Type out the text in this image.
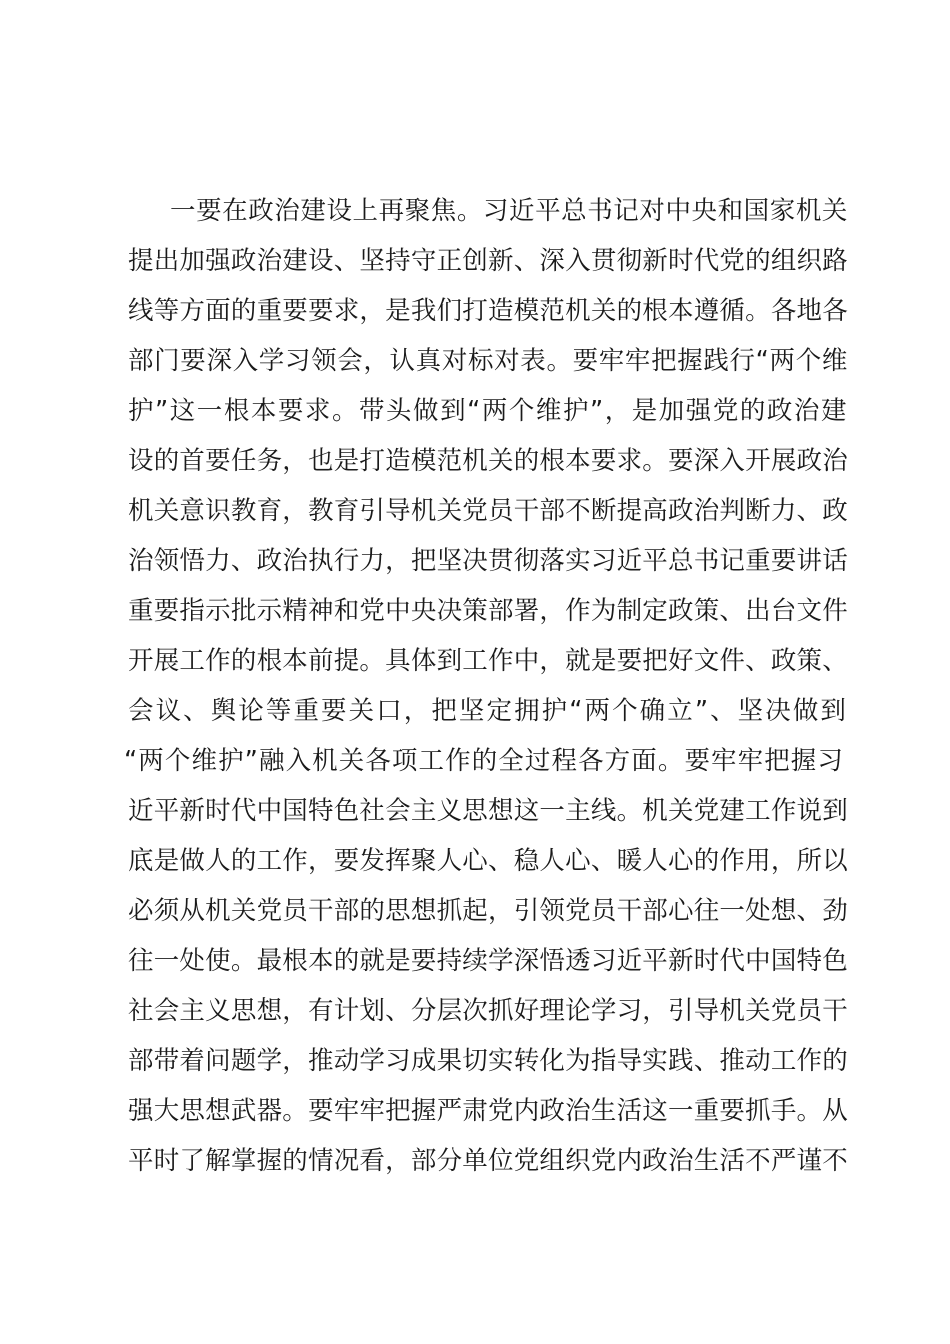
一要在政治建设上再聚焦。习近平总书记对中央和国家机关
提出加强政治建设、坚持守正创新、深入贯彻新时代党的组织路
线等方面的重要要求，是我们打造模范机关的根本遵循。各地各
部门要深入学习领会，认真对标对表。要牢牢把握践行“两个维
护”这一根本要求。带头做到“两个维护”，是加强党的政治建
设的首要任务，也是打造模范机关的根本要求。要深入开展政治
机关意识教育，教育引导机关党员干部不断提高政治判断力、政
治领悟力、政治执行力，把坚决贯彻落实习近平总书记重要讲话
重要指示批示精神和党中央决策部署，作为制定政策、出台文件
开展工作的根本前提。具体到工作中，就是要把好文件、政策、
会议、舆论等重要关口，把坚定拥护“两个确立”、坚决做到
“两个维护”融入机关各项工作的全过程各方面。要牢牢把握习
近平新时代中国特色社会主义思想这一主线。机关党建工作说到
底是做人的工作，要发挥聚人心、稳人心、暖人心的作用，所以
必须从机关党员干部的思想抓起，引领党员干部心往一处想、劲
往一处使。最根本的就是要持续学深悟透习近平新时代中国特色
社会主义思想，有计划、分层次抓好理论学习，引导机关党员干
部带着问题学，推动学习成果切实转化为指导实践、推动工作的
强大思想武器。要牢牢把握严肃党内政治生活这一重要抓手。从
平时了解掌握的情况看，部分单位党组织党内政治生活不严谨不
